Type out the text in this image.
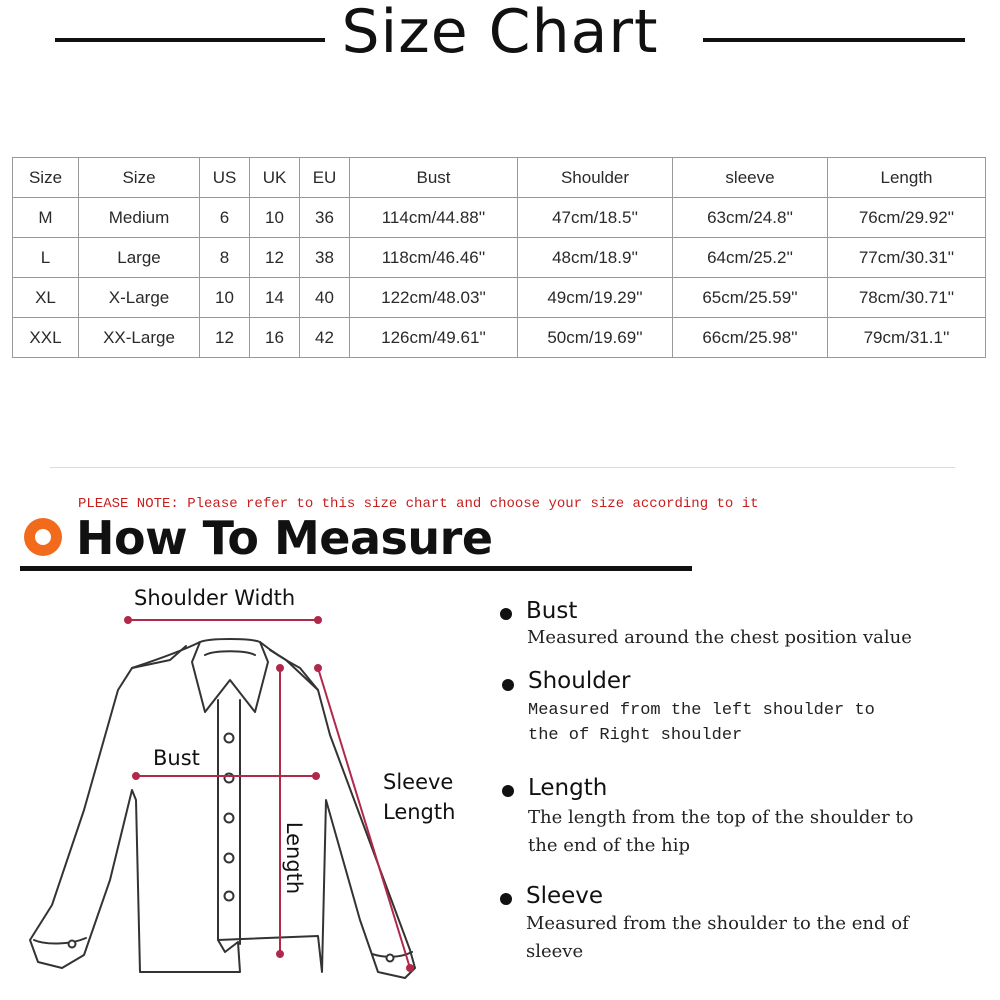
Size Chart
Size	Size	US	UK	EU	Bust	Shoulder	sleeve	Length
M	Medium	6	10	36	114cm/44.88''	47cm/18.5''	63cm/24.8''	76cm/29.92''
L	Large	8	12	38	118cm/46.46''	48cm/18.9''	64cm/25.2''	77cm/30.31''
XL	X-Large	10	14	40	122cm/48.03''	49cm/19.29''	65cm/25.59''	78cm/30.71''
XXL	XX-Large	12	16	42	126cm/49.61''	50cm/19.69''	66cm/25.98''	79cm/31.1''
PLEASE NOTE: Please refer to this size chart and choose your size according to it
How To Measure
Shoulder Width
Bust
Sleeve
Length
Length
Bust
Measured around the chest position value
Shoulder
Measured from the left shoulder to the of Right shoulder
Length
The length from the top of the shoulder to the end of the hip
Sleeve
Measured from the shoulder to the end of sleeve
